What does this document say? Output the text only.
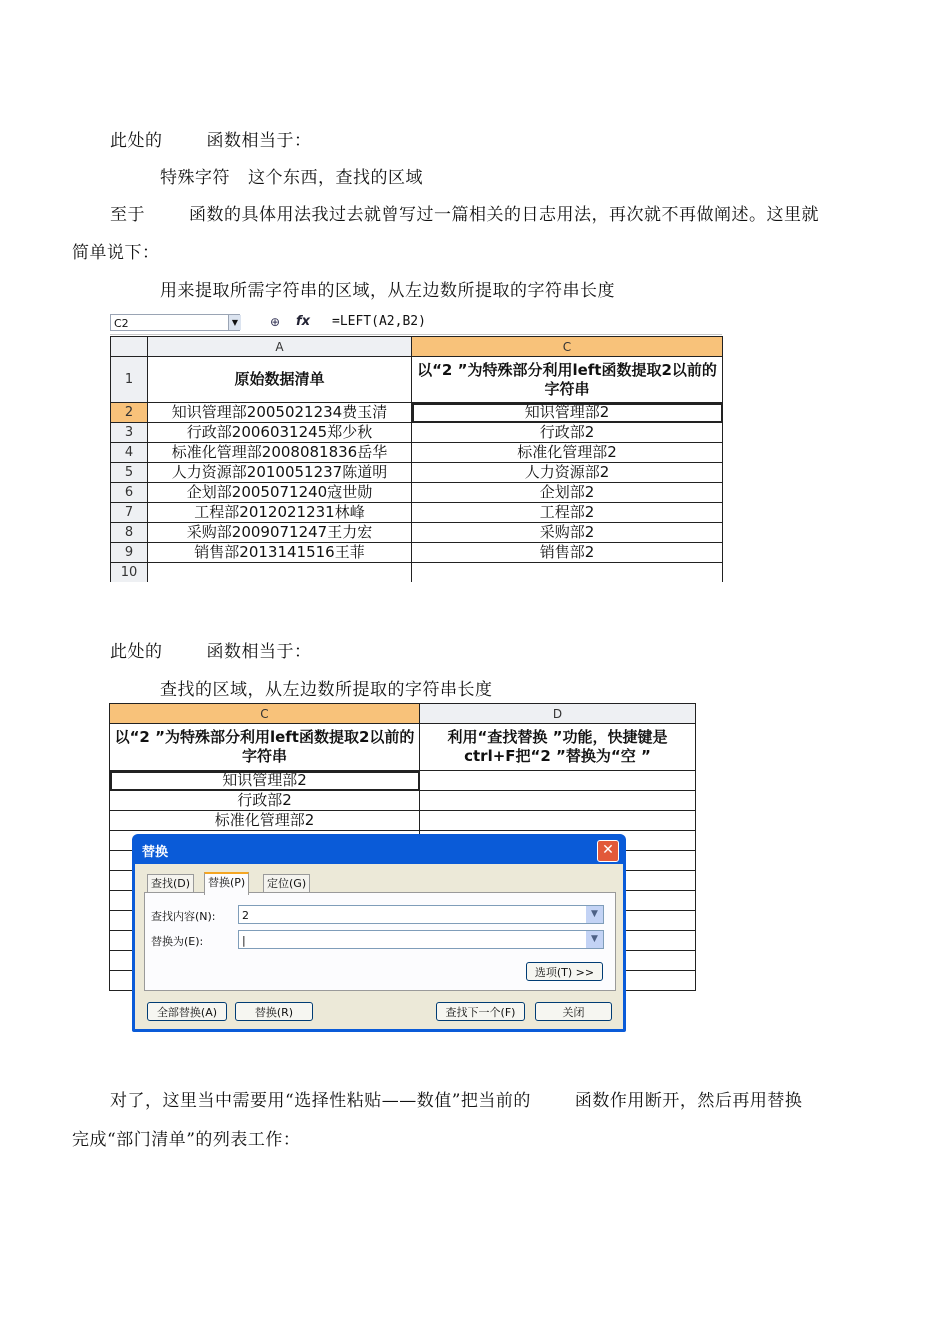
此处的	函数相当于：
特殊字符 这个东西，查找的区域
至于	函数的具体用法我过去就曾写过一篇相关的日志用法，再次就不再做阐述。这里就
简单说下：
用来提取所需字符串的区域，从左边数所提取的字符串长度
C2	▼	⊕ fx =LEFT(A2,B2)
	A	C
1	原始数据清单	以“2 ”为特殊部分利用left函数提取2以前的字符串
2	知识管理部2005021234费玉清	知识管理部2
3	行政部2006031245郑少秋	行政部2
4	标准化管理部2008081836岳华	标准化管理部2
5	人力资源部2010051237陈道明	人力资源部2
6	企划部2005071240寇世勋	企划部2
7	工程部2012021231林峰	工程部2
8	采购部2009071247王力宏	采购部2
9	销售部2013141516王菲	销售部2
10		
此处的	函数相当于：
查找的区域，从左边数所提取的字符串长度
C	D
以“2 ”为特殊部分利用left函数提取2以前的字符串	利用“查找替换 ”功能，快捷键是ctrl+F把“2 ”替换为“空 ”
知识管理部2	
行政部2	
标准化管理部2	

替换	✕
查找(D)	替换(P)	定位(G)
查找内容(N):	2	▼
替换为(E):	|	▼
选项(T) >>
全部替换(A)	替换(R)	查找下一个(F)	关闭
对了，这里当中需要用“选择性粘贴——数值”把当前的	函数作用断开，然后再用替换
完成“部门清单”的列表工作：
